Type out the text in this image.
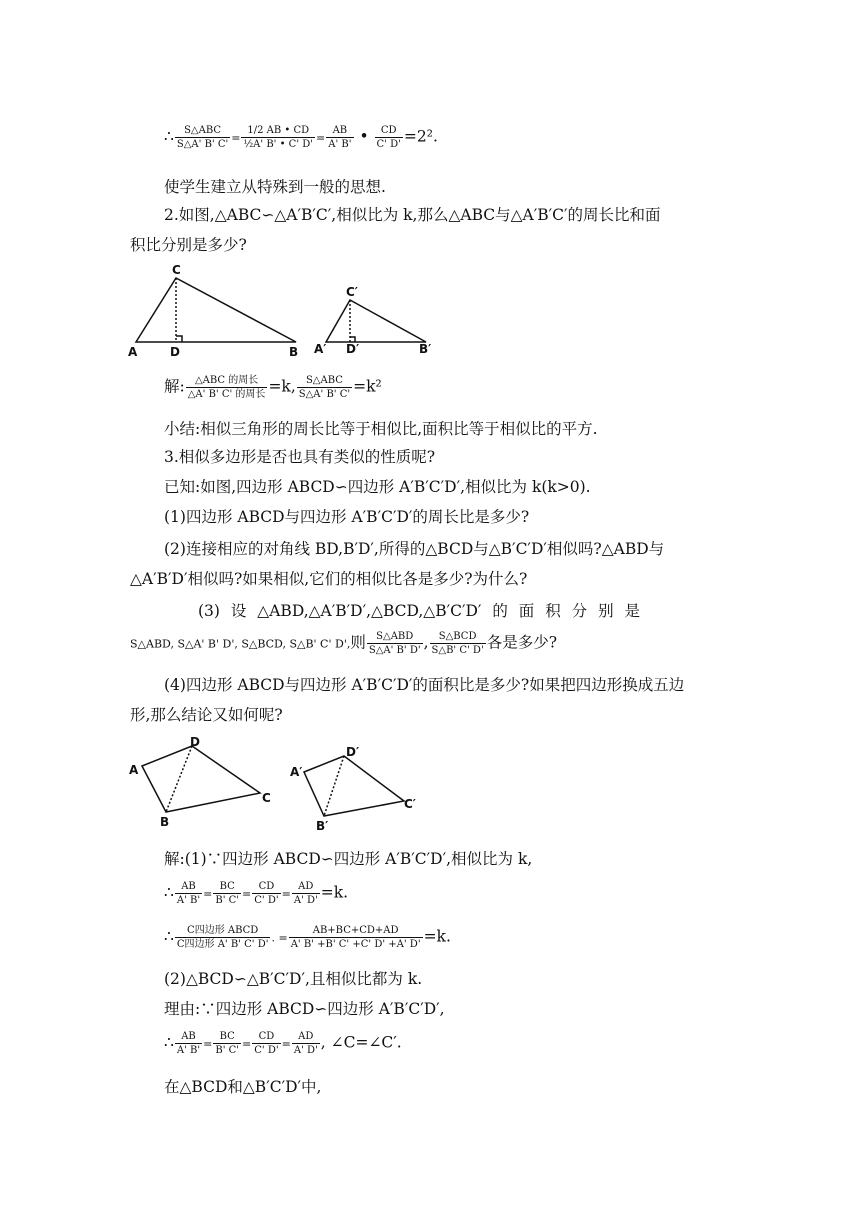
∴ $\frac{\text{S△ABC}}{S\triangle A' B' C'} = \frac{1/2 AB • CD}{\text{½A' B' • C' D'}} = \frac{AB}{A' B'}$ • $\frac{CD}{C' D'} =2^2$.
使学生建立从特殊到一般的思想.
2.如图,△ABC∽△A′B′C′,相似比为 k,那么△ABC与△A′B′C′的周长比和面
积比分别是多少?
A
C
D	B A′
C′
D′	B′
解: $\frac{\text{△ABC 的周长}}{\text{△A' B' C' 的周长}} =k$, $\frac{\text{S△ABC}}{S\triangle A' B' C'} =k^2$
小结:相似三角形的周长比等于相似比,面积比等于相似比的平方.
3.相似多边形是否也具有类似的性质呢?
已知:如图,四边形 ABCD∽四边形 A′B′C′D′,相似比为 k(k>0).
(1)四边形 ABCD与四边形 A′B′C′D′的周长比是多少?
(2)连接相应的对角线 BD,B′D′,所得的△BCD与△B′C′D′相似吗?△ABD与
△A′B′D′相似吗?如果相似,它们的相似比各是多少?为什么?
(3) 设 △ABD,△A′B′D′,△BCD,△B′C′D′ 的 面 积 分 别 是
S△ABD, S△A' B' D', S△BCD, S△B' C' D',则 $\frac{\text{S△ABD}}{S\triangle A' B' D'}$ , $\frac{\text{S△BCD}}{S\triangle B' C' D'}$ 各是多少?
(4)四边形 ABCD与四边形 A′B′C′D′的面积比是多少?如果把四边形换成五边
形,那么结论又如何呢?
A
D
C
B
A′
D′
C′
B′
解:(1)∵四边形 ABCD∽四边形 A′B′C′D′,相似比为 k,
∴ $\frac{AB}{A' B'} = \frac{BC}{B' C'} = \frac{CD}{C' D'} = \frac{AD}{A' D'} =k$.
∴ $\frac{\text{C四边形 ABCD}}{\text{C四边形 A' B' C' D'}}$ . = $\frac{AB+BC+CD+AD}{A' B' +B' C' +C' D' +A' D'} =k$.
(2)△BCD∽△B′C′D′,且相似比都为 k.
理由:∵四边形 ABCD∽四边形 A′B′C′D′,
∴ $\frac{AB}{A' B'} = \frac{BC}{B' C'} = \frac{CD}{C' D'} = \frac{AD}{A' D'}$ , ∠C=∠C′.
在△BCD和△B′C′D′中,
